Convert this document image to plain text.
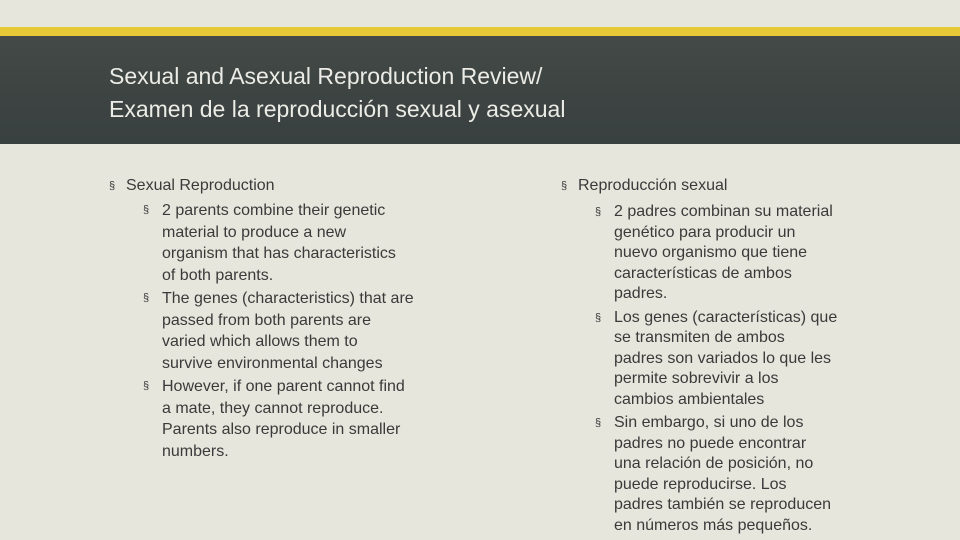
Sexual and Asexual Reproduction Review/
Examen de la reproducción sexual y asexual
§ Sexual Reproduction
§ 2 parents combine their genetic
material to produce a new
organism that has characteristics
of both parents.
§ The genes (characteristics) that are
passed from both parents are
varied which allows them to
survive environmental changes
§ However, if one parent cannot find
a mate, they cannot reproduce.
Parents also reproduce in smaller
numbers.
§ Reproducción sexual
§ 2 padres combinan su material
genético para producir un
nuevo organismo que tiene
características de ambos
padres.
§ Los genes (características) que
se transmiten de ambos
padres son variados lo que les
permite sobrevivir a los
cambios ambientales
§ Sin embargo, si uno de los
padres no puede encontrar
una relación de posición, no
puede reproducirse. Los
padres también se reproducen
en números más pequeños.
